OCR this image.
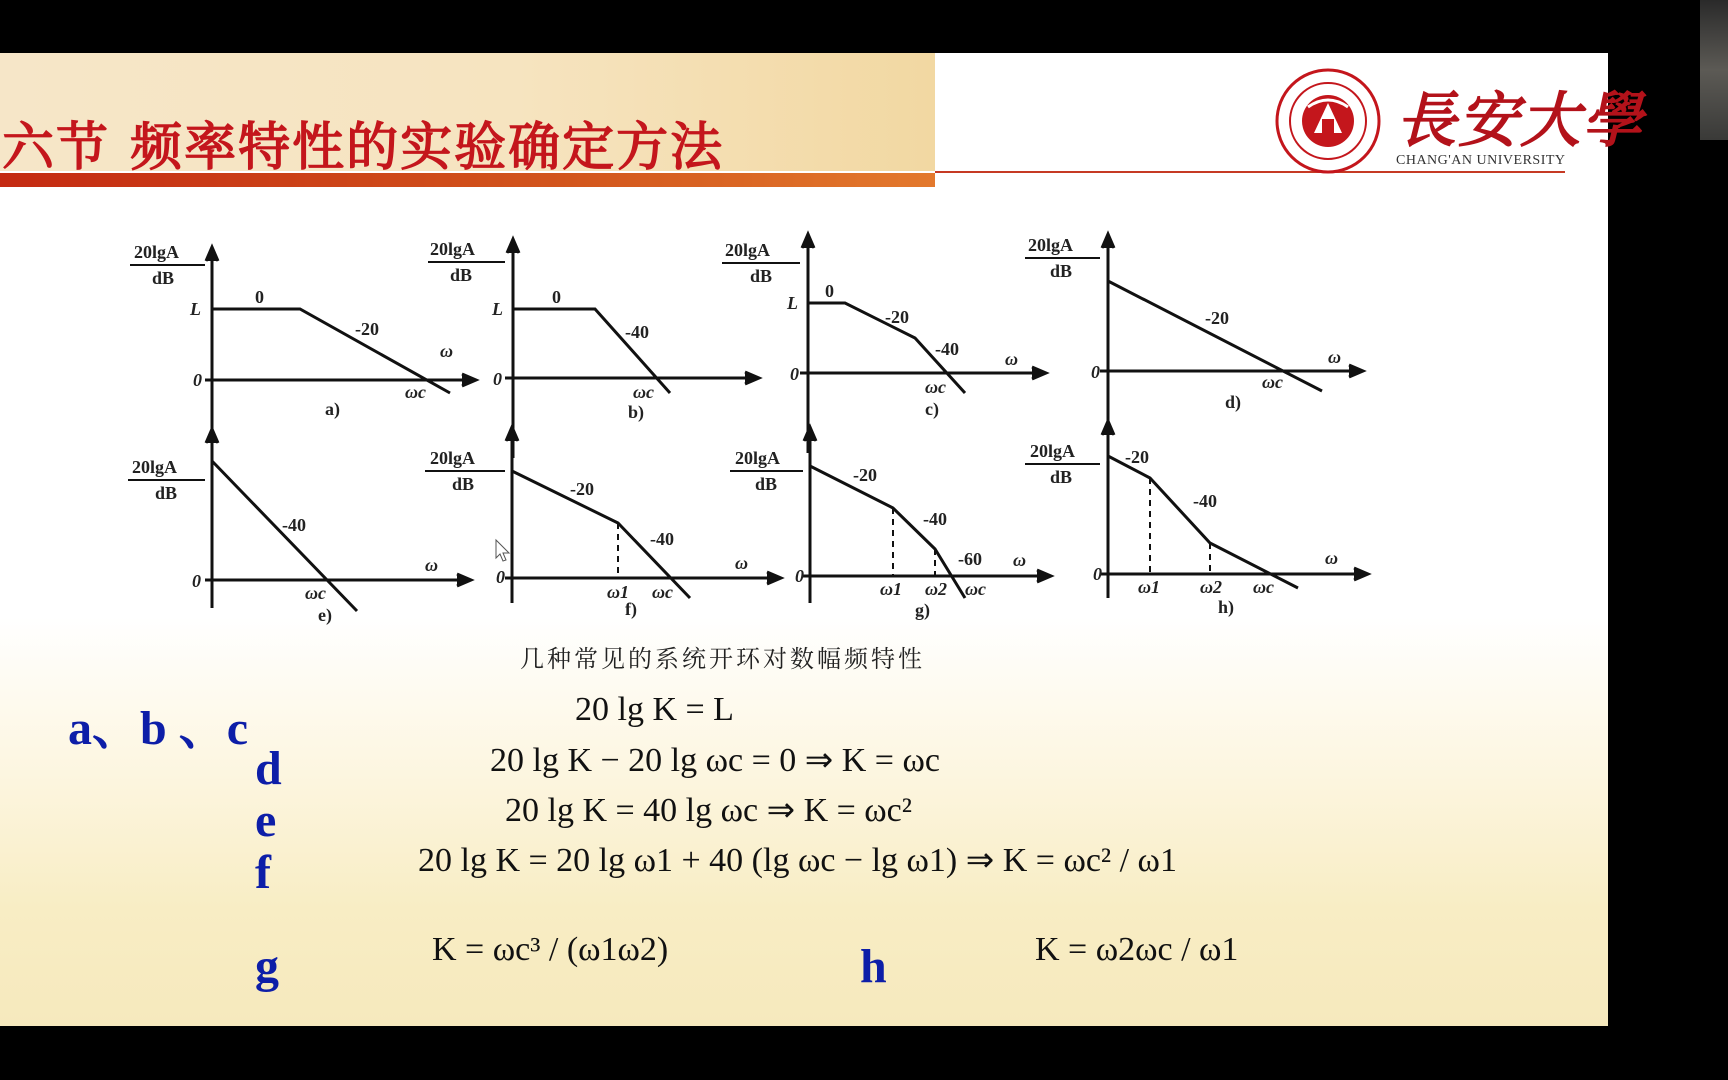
六节 频率特性的实验确定方法	長安大學
CHANG'AN UNIVERSITY
20lgA
dB
L
0
0
-20
ω
ωc
a)
20lgA
dB
L
0
0
-40
ωc
b)
20lgA
dB
L
0
0
-20
-40	ω
ωc
c)
20lgA
dB
0
-20
ω
ωc
d)
20lgA
dB
0
-40
ω
ωc
e)
20lgA
dB
0
-20
-40
ω
ω1 ωc
f)
20lgA
dB
0
-20
-40
-60 ω
ω1 ω2 ωc
g)
20lgA
dB
0
-20
-40
ω
ω1 ω2 ωc
h)
几种常见的系统开环对数幅频特性
a、b 、c
d
e
f
g	h
20 lg K = L
20 lg K − 20 lg ωc = 0 ⇒ K = ωc
20 lg K = 40 lg ωc ⇒ K = ωc²
20 lg K = 20 lg ω1 + 40 (lg ωc − lg ω1) ⇒ K = ωc² / ω1
K = ωc³ / (ω1ω2)	K = ω2ωc / ω1
